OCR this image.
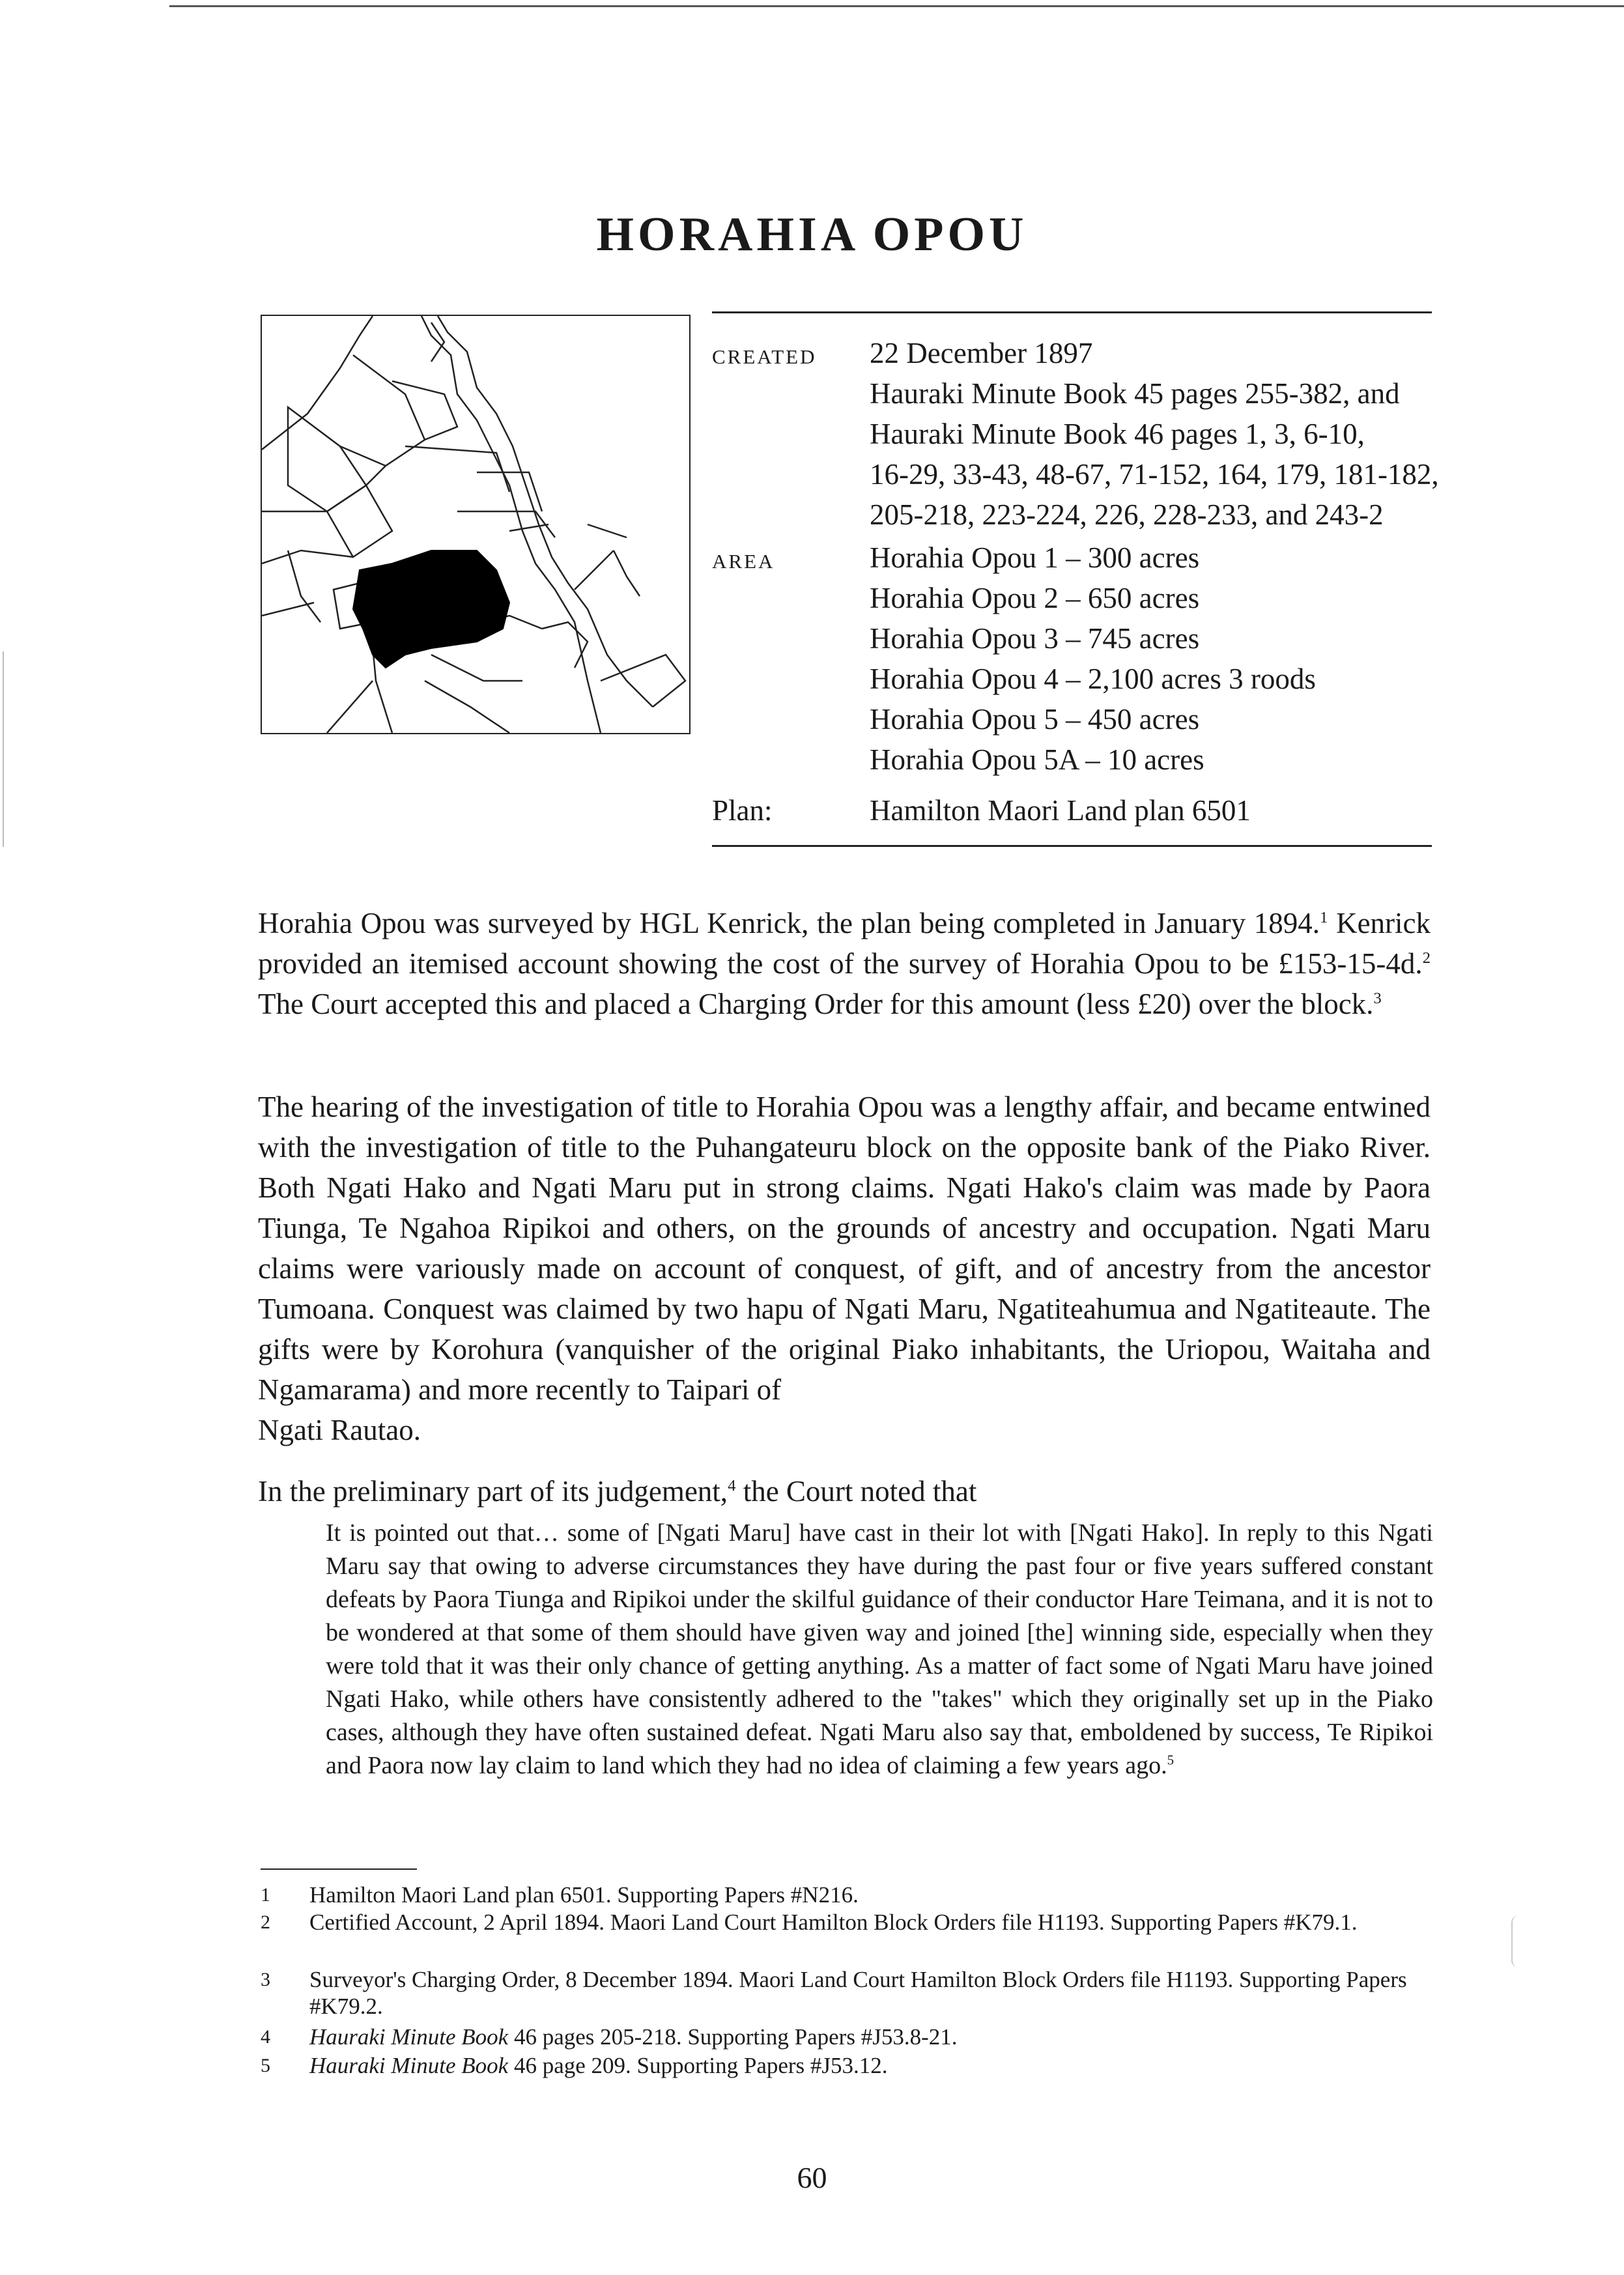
HORAHIA OPOU
CREATED	22 December 1897
Hauraki Minute Book 45 pages 255-382, and
Hauraki Minute Book 46 pages 1, 3, 6-10,
16-29, 33-43, 48-67, 71-152, 164, 179, 181-182,
205-218, 223-224, 226, 228-233, and 243-2
AREA	Horahia Opou 1 – 300 acres
Horahia Opou 2 – 650 acres
Horahia Opou 3 – 745 acres
Horahia Opou 4 – 2,100 acres 3 roods
Horahia Opou 5 – 450 acres
Horahia Opou 5A – 10 acres
Plan:	Hamilton Maori Land plan 6501

Horahia Opou was surveyed by HGL Kenrick, the plan being completed in January 1894.$^1$ Kenrick provided an itemised account showing the cost of the survey of Horahia Opou to be £153-15-4d.$^2$ The Court accepted this and placed a Charging Order for this amount (less £20) over the block.$^3$

The hearing of the investigation of title to Horahia Opou was a lengthy affair, and became entwined with the investigation of title to the Puhangateuru block on the opposite bank of the Piako River. Both Ngati Hako and Ngati Maru put in strong claims. Ngati Hako's claim was made by Paora Tiunga, Te Ngahoa Ripikoi and others, on the grounds of ancestry and occupation. Ngati Maru claims were variously made on account of conquest, of gift, and of ancestry from the ancestor Tumoana. Conquest was claimed by two hapu of Ngati Maru, Ngatiteahumua and Ngatiteaute. The gifts were by Korohura (vanquisher of the original Piako inhabitants, the Uriopou, Waitaha and Ngamarama) and more recently to Taipari of

Ngati Rautao.

In the preliminary part of its judgement,$^4$ the Court noted that

It is pointed out that… some of [Ngati Maru] have cast in their lot with [Ngati Hako]. In reply to this Ngati Maru say that owing to adverse circumstances they have during the past four or five years suffered constant defeats by Paora Tiunga and Ripikoi under the skilful guidance of their conductor Hare Teimana, and it is not to be wondered at that some of them should have given way and joined [the] winning side, especially when they were told that it was their only chance of getting anything. As a matter of fact some of Ngati Maru have joined Ngati Hako, while others have consistently adhered to the "takes" which they originally set up in the Piako cases, although they have often sustained defeat. Ngati Maru also say that, emboldened by success, Te Ripikoi and Paora now lay claim to land which they had no idea of claiming a few years ago.$^5$
1 Hamilton Maori Land plan 6501. Supporting Papers #N216.
2 Certified Account, 2 April 1894. Maori Land Court Hamilton Block Orders file H1193. Supporting Papers #K79.1.
3 Surveyor's Charging Order, 8 December 1894. Maori Land Court Hamilton Block Orders file H1193. Supporting Papers #K79.2.
4 Hauraki Minute Book 46 pages 205-218. Supporting Papers #J53.8-21.
5 Hauraki Minute Book 46 page 209. Supporting Papers #J53.12.
60
